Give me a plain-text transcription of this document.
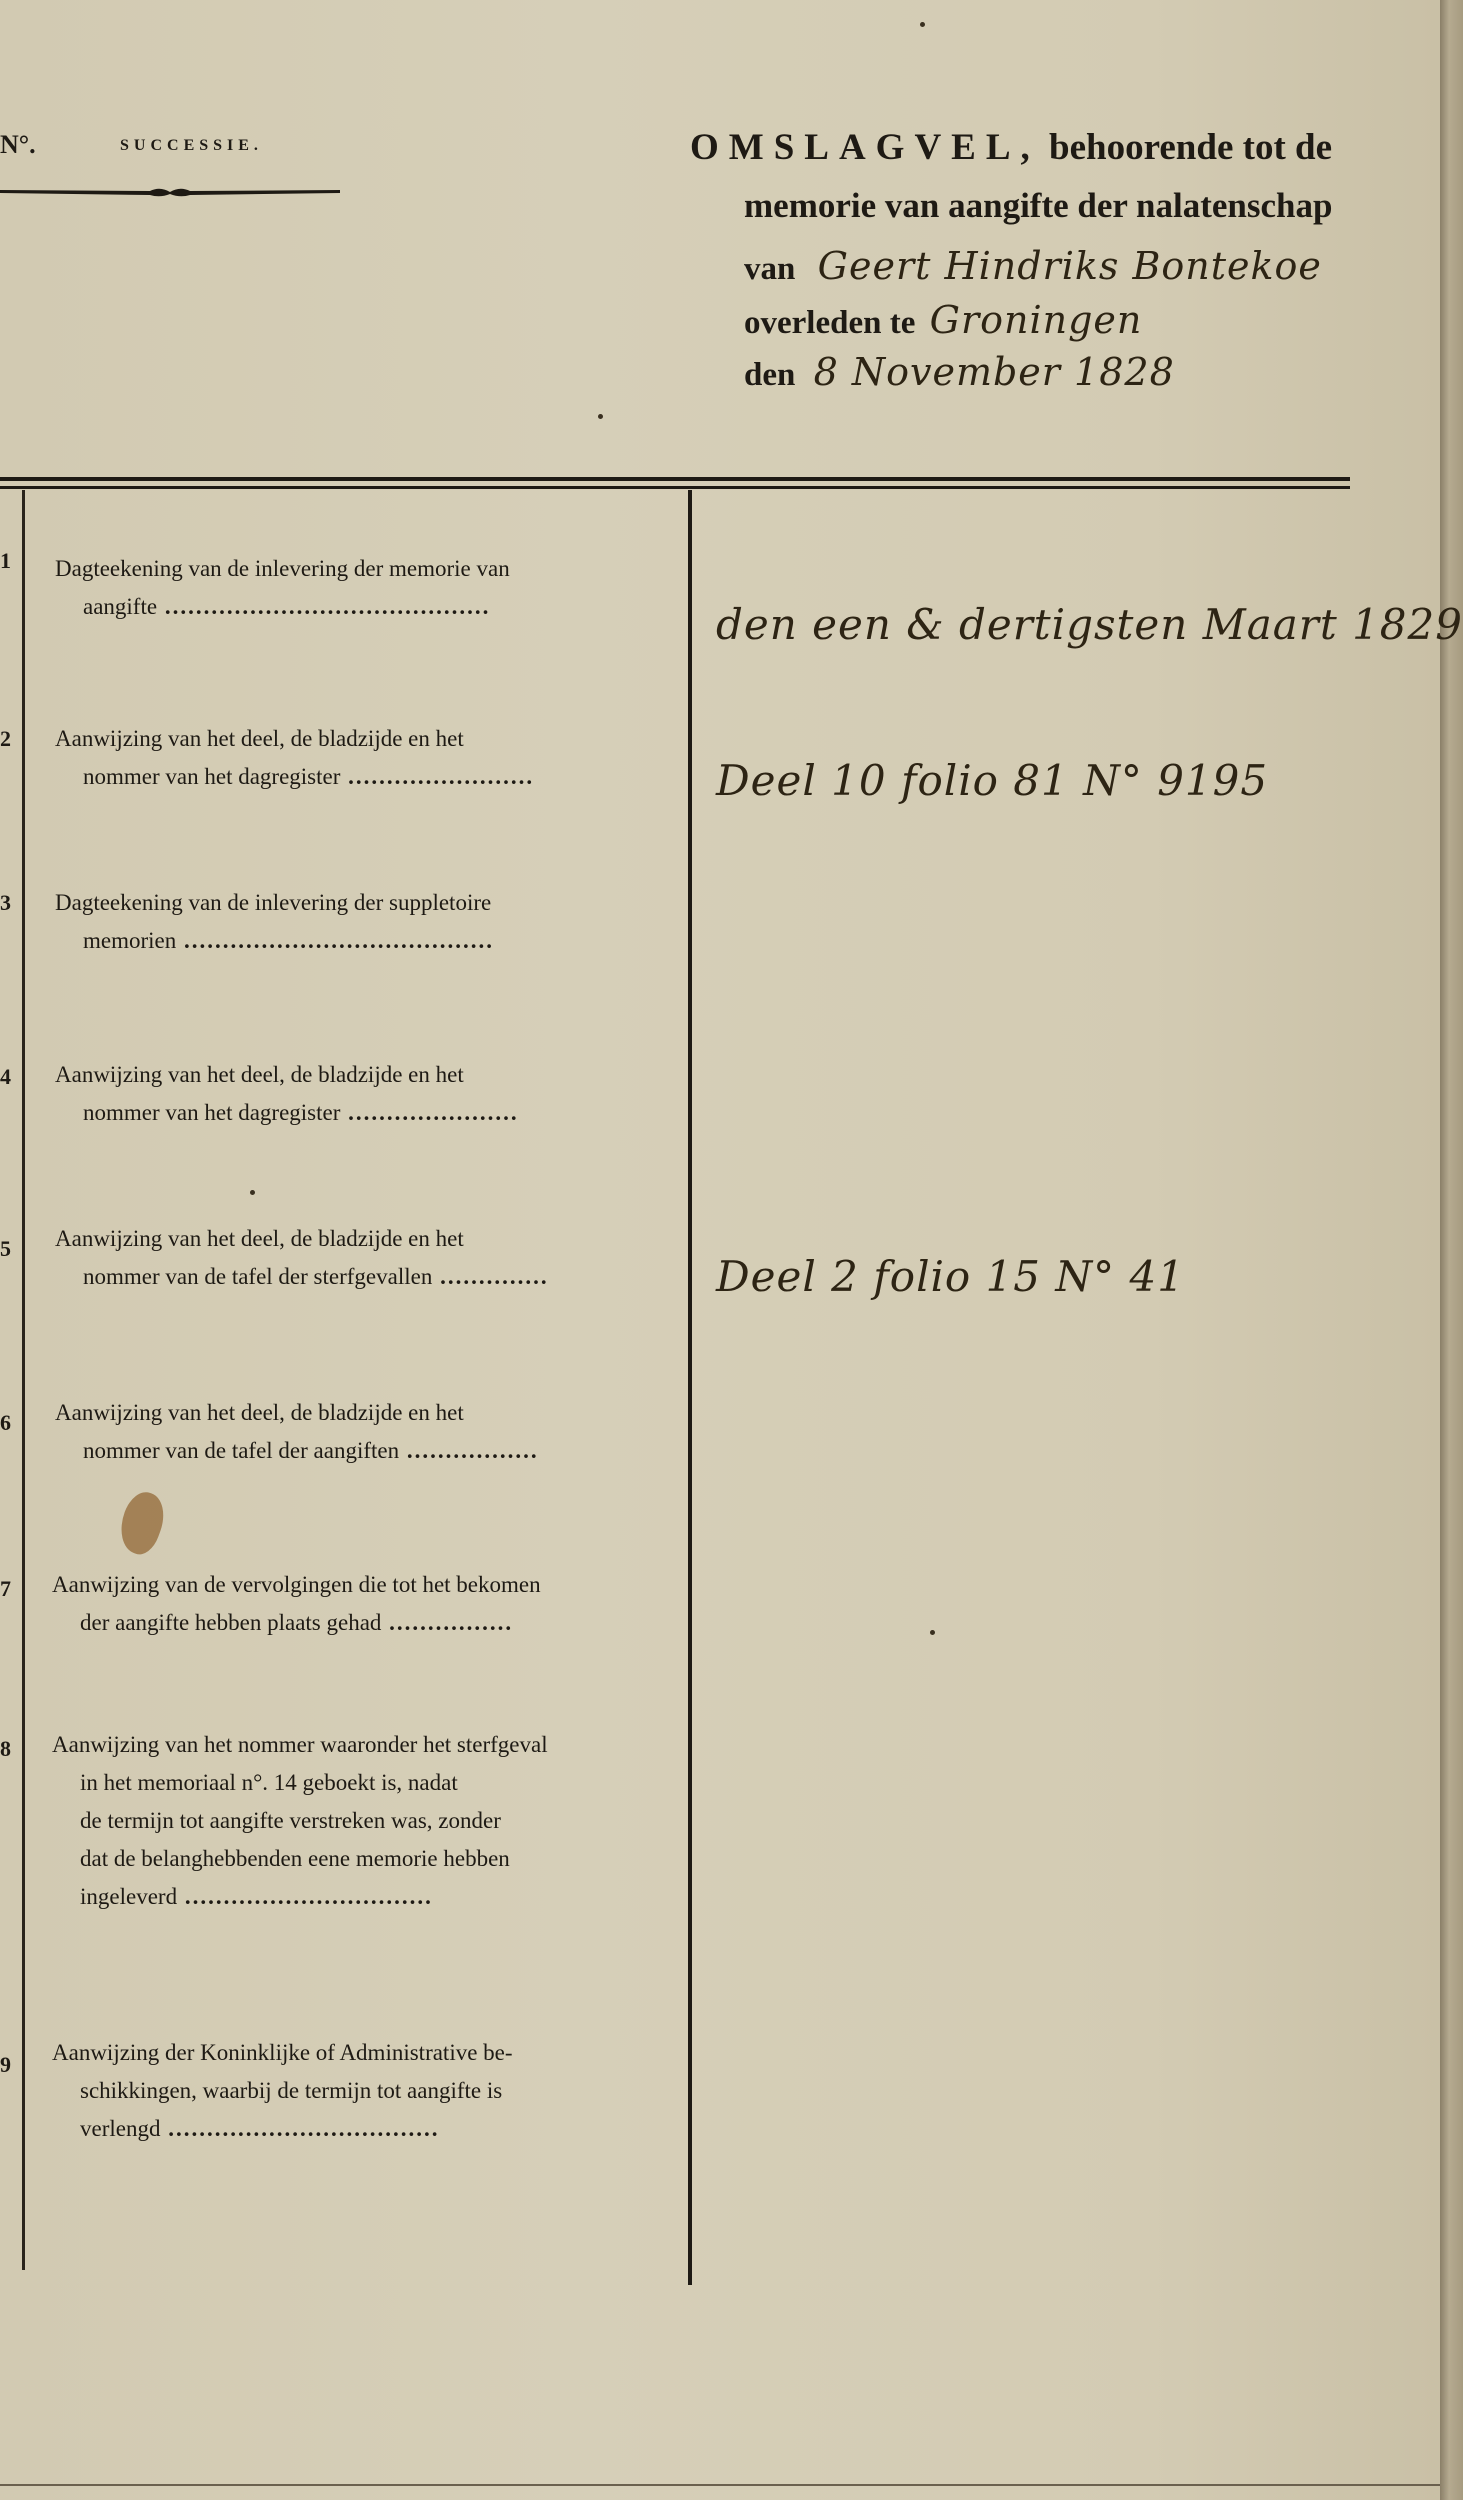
N°.	SUCCESSIE.	OMSLAGVEL, behoorende tot de
memorie van aangifte der nalatenschap
van Geert Hindriks Bontekoe
overleden te Groningen
den 8 November 1828
1 Dagteekening van de inlevering der memorie van
aangifte ..........................................	den een & dertigsten Maart 1829
2 Aanwijzing van het deel, de bladzijde en het
nommer van het dagregister ........................	Deel 10 folio 81 N° 9195
3 Dagteekening van de inlevering der suppletoire
memorien ........................................
4 Aanwijzing van het deel, de bladzijde en het
nommer van het dagregister ......................
5 Aanwijzing van het deel, de bladzijde en het
nommer van de tafel der sterfgevallen ..............	Deel 2 folio 15 N° 41
6 Aanwijzing van het deel, de bladzijde en het
nommer van de tafel der aangiften .................
7 Aanwijzing van de vervolgingen die tot het bekomen
der aangifte hebben plaats gehad ................
8 Aanwijzing van het nommer waaronder het sterfgeval
in het memoriaal n°. 14 geboekt is, nadat
de termijn tot aangifte verstreken was, zonder
dat de belanghebbenden eene memorie hebben
ingeleverd ................................
9 Aanwijzing der Koninklijke of Administrative be-
schikkingen, waarbij de termijn tot aangifte is
verlengd ...................................
